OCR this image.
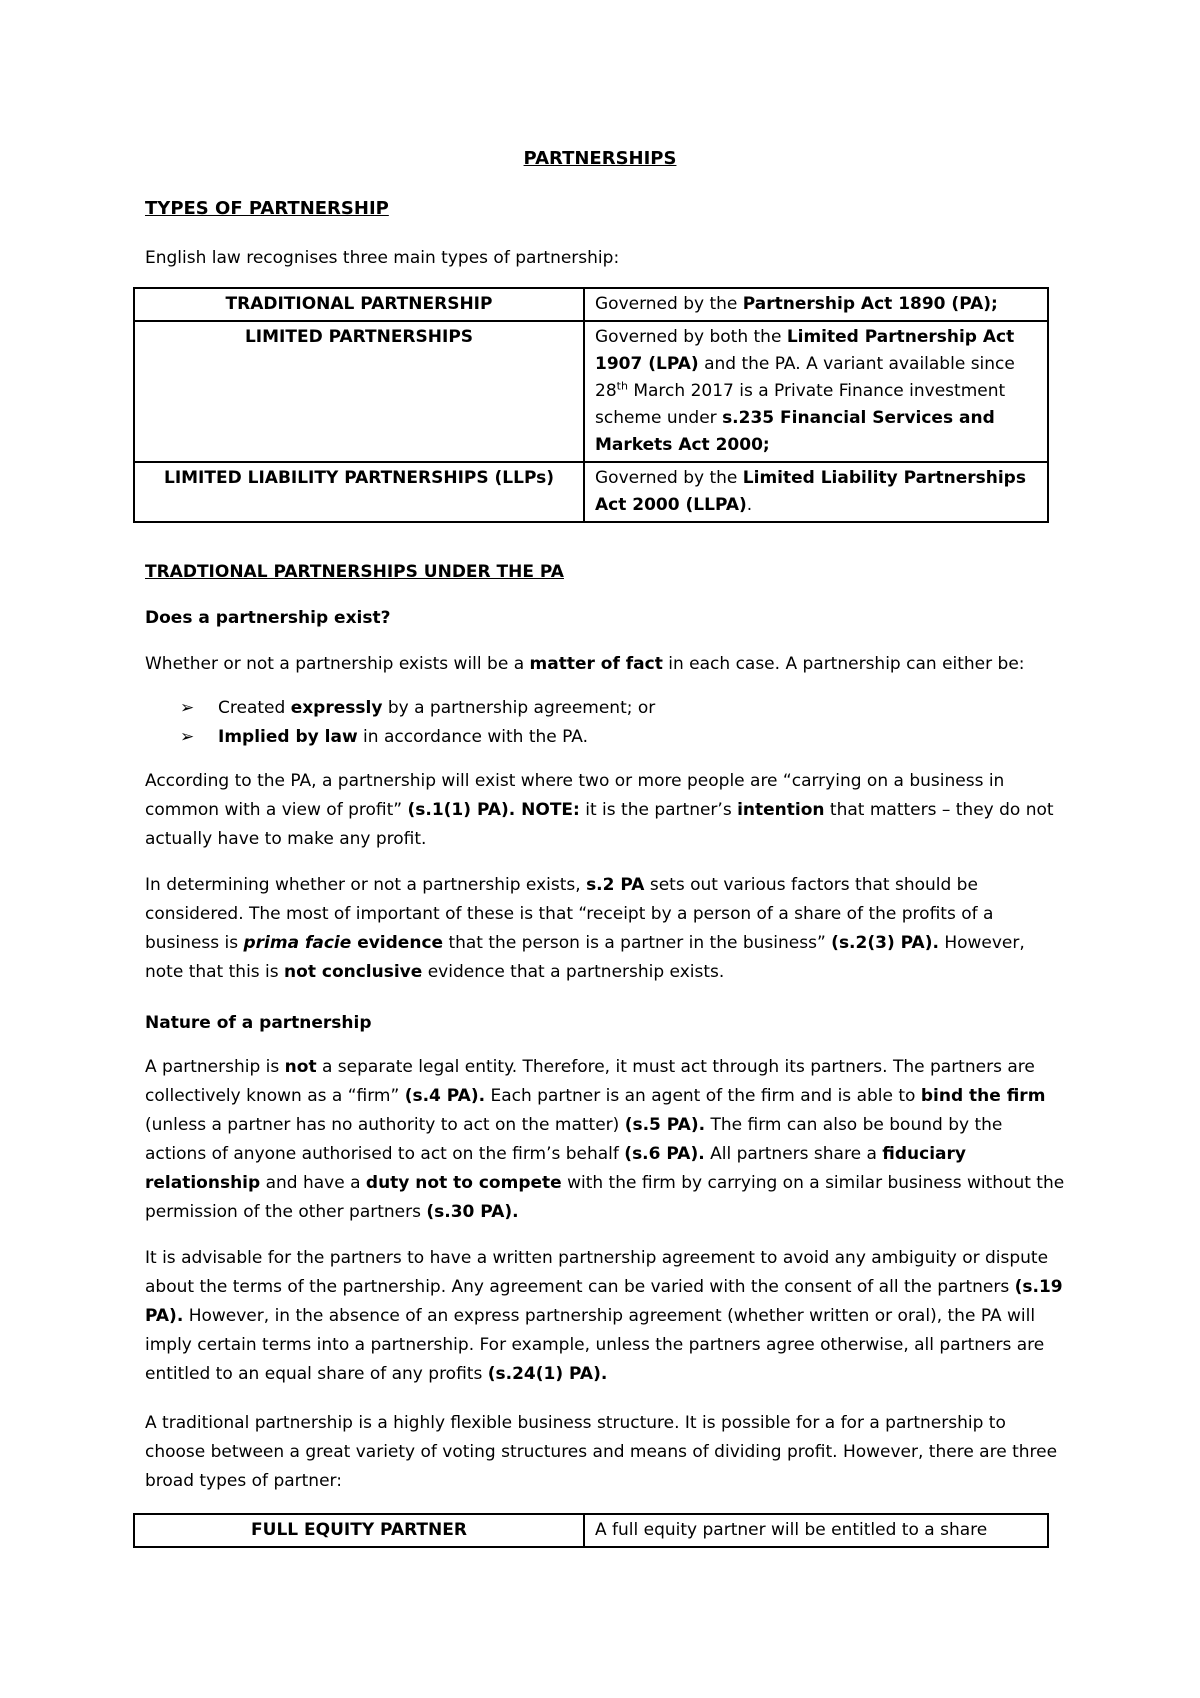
PARTNERSHIPS
TYPES OF PARTNERSHIP
English law recognises three main types of partnership:
TRADITIONAL PARTNERSHIP	Governed by the Partnership Act 1890 (PA);
LIMITED PARTNERSHIPS	Governed by both the Limited Partnership Act 1907 (LPA) and the PA. A variant available since 28th March 2017 is a Private Finance investment scheme under s.235 Financial Services and Markets Act 2000;
LIMITED LIABILITY PARTNERSHIPS (LLPs)	Governed by the Limited Liability Partnerships Act 2000 (LLPA).
TRADTIONAL PARTNERSHIPS UNDER THE PA
Does a partnership exist?

Whether or not a partnership exists will be a matter of fact in each case. A partnership can either be:

➢	Created expressly by a partnership agreement; or
➢	Implied by law in accordance with the PA.

According to the PA, a partnership will exist where two or more people are “carrying on a business in common with a view of profit” (s.1(1) PA). NOTE: it is the partner’s intention that matters – they do not actually have to make any profit.

In determining whether or not a partnership exists, s.2 PA sets out various factors that should be considered. The most of important of these is that “receipt by a person of a share of the profits of a business is prima facie evidence that the person is a partner in the business” (s.2(3) PA). However, note that this is not conclusive evidence that a partnership exists.

Nature of a partnership

A partnership is not a separate legal entity. Therefore, it must act through its partners. The partners are collectively known as a “firm” (s.4 PA). Each partner is an agent of the firm and is able to bind the firm (unless a partner has no authority to act on the matter) (s.5 PA). The firm can also be bound by the actions of anyone authorised to act on the firm’s behalf (s.6 PA). All partners share a fiduciary relationship and have a duty not to compete with the firm by carrying on a similar business without the permission of the other partners (s.30 PA).

It is advisable for the partners to have a written partnership agreement to avoid any ambiguity or dispute about the terms of the partnership. Any agreement can be varied with the consent of all the partners (s.19 PA). However, in the absence of an express partnership agreement (whether written or oral), the PA will imply certain terms into a partnership. For example, unless the partners agree otherwise, all partners are entitled to an equal share of any profits (s.24(1) PA).

A traditional partnership is a highly flexible business structure. It is possible for a for a partnership to choose between a great variety of voting structures and means of dividing profit. However, there are three broad types of partner:

FULL EQUITY PARTNER	A full equity partner will be entitled to a share
